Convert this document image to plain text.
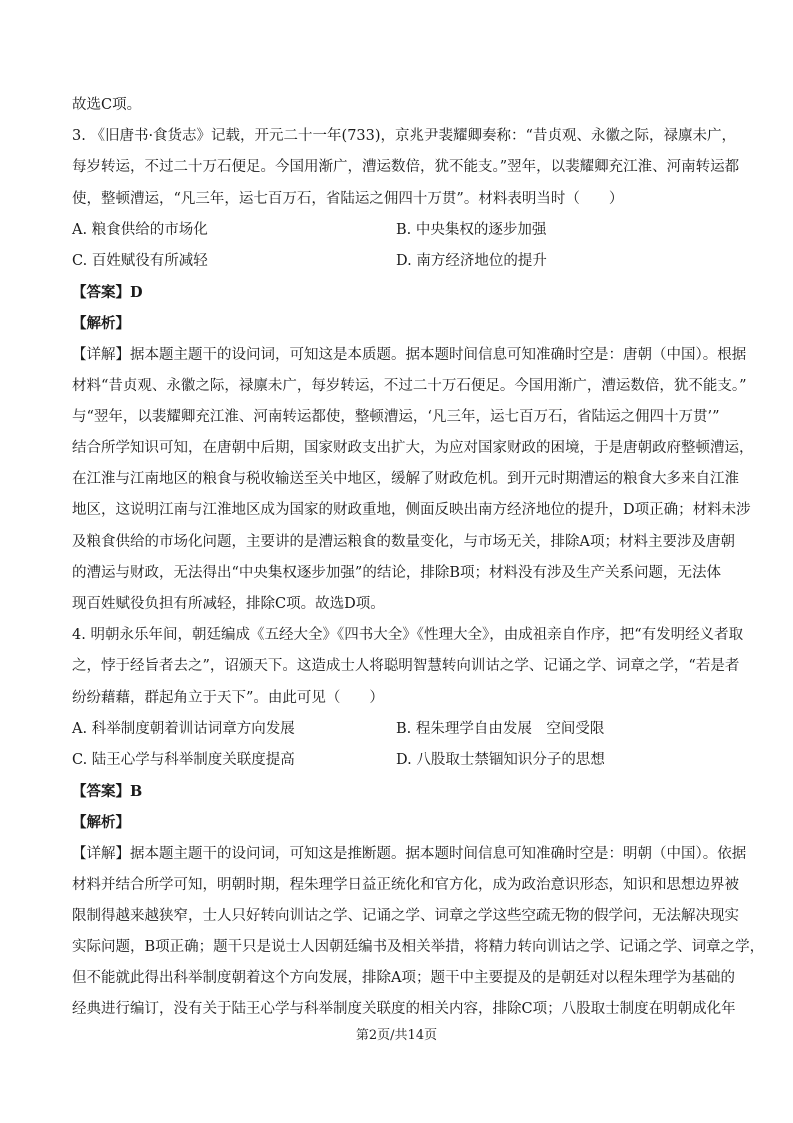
故选C项。
3. 《旧唐书·食货志》记载，开元二十一年(733)，京兆尹裴耀卿奏称：“昔贞观、永徽之际，禄廪未广，
每岁转运，不过二十万石便足。今国用渐广，漕运数倍，犹不能支。”翌年，以裴耀卿充江淮、河南转运都
使，整顿漕运，“凡三年，运七百万石，省陆运之佣四十万贯”。材料表明当时（　　）
A. 粮食供给的市场化	B. 中央集权的逐步加强
C. 百姓赋役有所减轻	D. 南方经济地位的提升
【答案】D
【解析】
【详解】据本题主题干的设问词，可知这是本质题。据本题时间信息可知准确时空是：唐朝（中国）。根据
材料“昔贞观、永徽之际，禄廪未广，每岁转运，不过二十万石便足。今国用渐广，漕运数倍，犹不能支。”
与“翌年，以裴耀卿充江淮、河南转运都使，整顿漕运，‘凡三年，运七百万石，省陆运之佣四十万贯’”
结合所学知识可知，在唐朝中后期，国家财政支出扩大，为应对国家财政的困境，于是唐朝政府整顿漕运，
在江淮与江南地区的粮食与税收输送至关中地区，缓解了财政危机。到开元时期漕运的粮食大多来自江淮
地区，这说明江南与江淮地区成为国家的财政重地，侧面反映出南方经济地位的提升，D项正确；材料未涉
及粮食供给的市场化问题，主要讲的是漕运粮食的数量变化，与市场无关，排除A项；材料主要涉及唐朝
的漕运与财政，无法得出“中央集权逐步加强”的结论，排除B项；材料没有涉及生产关系问题，无法体
现百姓赋役负担有所减轻，排除C项。故选D项。
4. 明朝永乐年间，朝廷编成《五经大全》《四书大全》《性理大全》，由成祖亲自作序，把“有发明经义者取
之，悖于经旨者去之”，诏颁天下。这造成士人将聪明智慧转向训诂之学、记诵之学、词章之学，“若是者
纷纷藉藉，群起角立于天下”。由此可见（　　）
A. 科举制度朝着训诂词章方向发展	B. 程朱理学自由发展　空间受限
C. 陆王心学与科举制度关联度提高	D. 八股取士禁锢知识分子的思想
【答案】B
【解析】
【详解】据本题主题干的设问词，可知这是推断题。据本题时间信息可知准确时空是：明朝（中国）。依据
材料并结合所学可知，明朝时期，程朱理学日益正统化和官方化，成为政治意识形态，知识和思想边界被
限制得越来越狭窄，士人只好转向训诂之学、记诵之学、词章之学这些空疏无物的假学问，无法解决现实
实际问题，B项正确；题干只是说士人因朝廷编书及相关举措，将精力转向训诂之学、记诵之学、词章之学，
但不能就此得出科举制度朝着这个方向发展，排除A项；题干中主要提及的是朝廷对以程朱理学为基础的
经典进行编订，没有关于陆王心学与科举制度关联度的相关内容，排除C项；八股取士制度在明朝成化年
第2页/共14页
